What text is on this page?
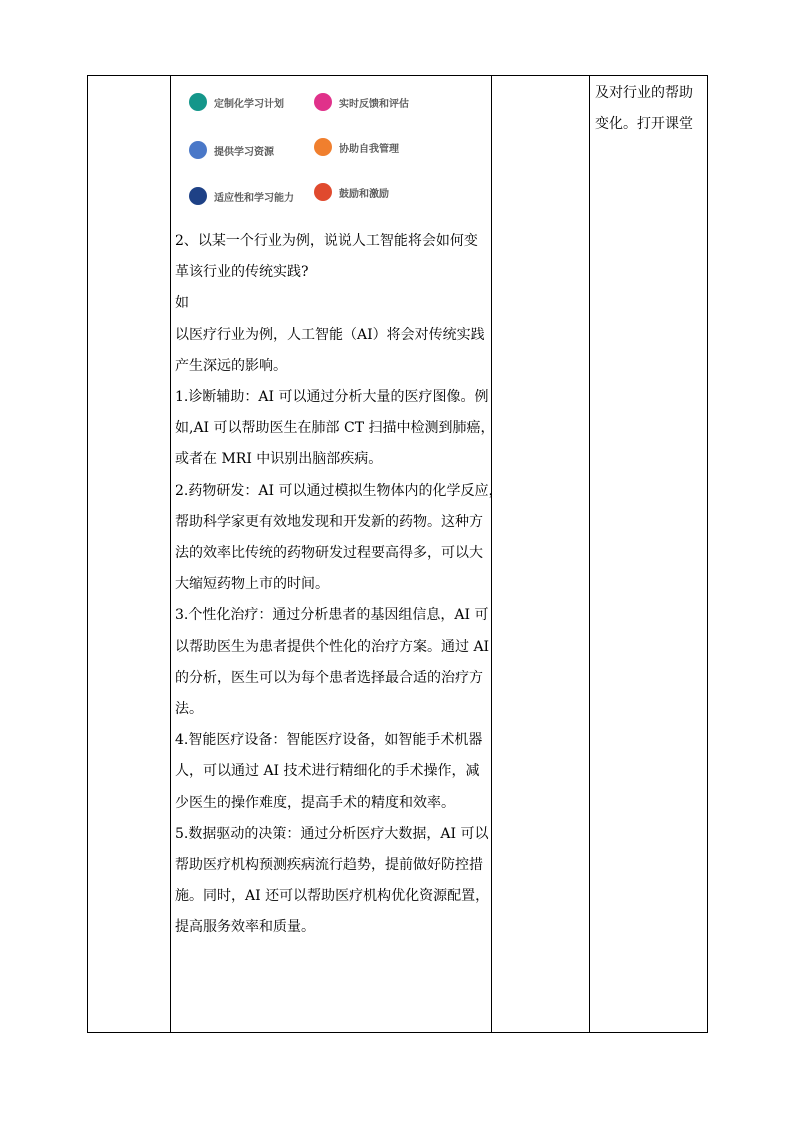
定制化学习计划	实时反馈和评估
提供学习资源	协助自我管理
适应性和学习能力	鼓励和激励

2、以某一个行业为例，说说人工智能将会如何变

革该行业的传统实践?

如

以医疗行业为例，人工智能（AI）将会对传统实践

产生深远的影响。

1.诊断辅助：AI 可以通过分析大量的医疗图像。例

如,AI 可以帮助医生在肺部 CT 扫描中检测到肺癌，

或者在 MRI 中识别出脑部疾病。

2.药物研发：AI 可以通过模拟生物体内的化学反应，

帮助科学家更有效地发现和开发新的药物。这种方

法的效率比传统的药物研发过程要高得多，可以大

大缩短药物上市的时间。

3.个性化治疗：通过分析患者的基因组信息，AI 可

以帮助医生为患者提供个性化的治疗方案。通过 AI

的分析，医生可以为每个患者选择最合适的治疗方

法。

4.智能医疗设备：智能医疗设备，如智能手术机器

人，可以通过 AI 技术进行精细化的手术操作，减

少医生的操作难度，提高手术的精度和效率。

5.数据驱动的决策：通过分析医疗大数据，AI 可以

帮助医疗机构预测疾病流行趋势，提前做好防控措

施。同时，AI 还可以帮助医疗机构优化资源配置，

提高服务效率和质量。

及对行业的帮助

变化。打开课堂
